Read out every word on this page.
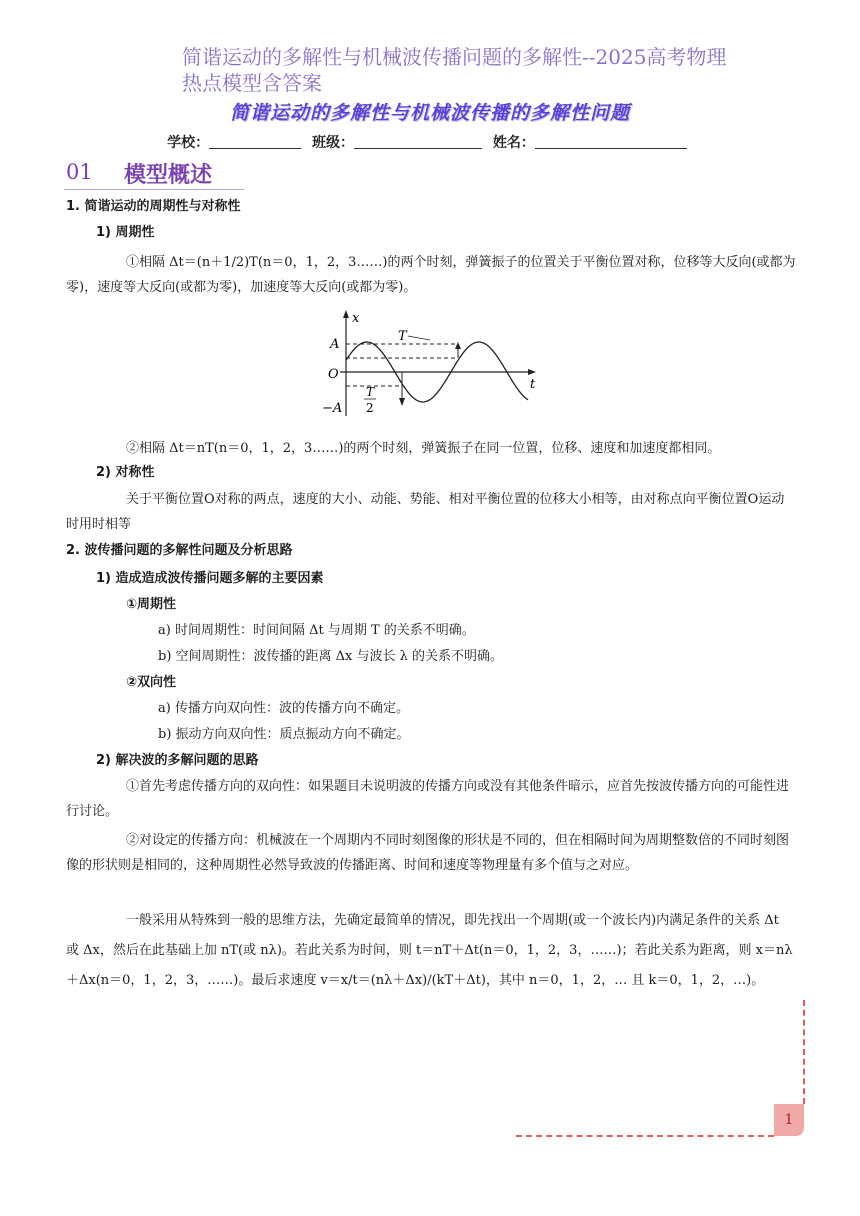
简谐运动的多解性与机械波传播问题的多解性--2025高考物理热点模型含答案
简谐运动的多解性与机械波传播的多解性问题
学校：	班级：	姓名：
01 模型概述
1. 简谐运动的周期性与对称性
1) 周期性
①相隔 Δt＝(n＋1/2)T(n＝0，1，2，3……)的两个时刻，弹簧振子的位置关于平衡位置对称，位移等大反向(或都为零)，速度等大反向(或都为零)，加速度等大反向(或都为零)。
x
t
A
O
−A
T
T
2
②相隔 Δt＝nT(n＝0，1，2，3……)的两个时刻，弹簧振子在同一位置，位移、速度和加速度都相同。
2) 对称性
关于平衡位置O对称的两点，速度的大小、动能、势能、相对平衡位置的位移大小相等，由对称点向平衡位置O运动时用时相等
2. 波传播问题的多解性问题及分析思路
1) 造成造成波传播问题多解的主要因素
①周期性
a) 时间周期性：时间间隔 Δt 与周期 T 的关系不明确。
b) 空间周期性：波传播的距离 Δx 与波长 λ 的关系不明确。
②双向性
a) 传播方向双向性：波的传播方向不确定。
b) 振动方向双向性：质点振动方向不确定。
2) 解决波的多解问题的思路
①首先考虑传播方向的双向性：如果题目未说明波的传播方向或没有其他条件暗示，应首先按波传播方向的可能性进行讨论。
②对设定的传播方向：机械波在一个周期内不同时刻图像的形状是不同的，但在相隔时间为周期整数倍的不同时刻图像的形状则是相同的，这种周期性必然导致波的传播距离、时间和速度等物理量有多个值与之对应。
一般采用从特殊到一般的思维方法，先确定最简单的情况，即先找出一个周期(或一个波长内)内满足条件的关系 Δt 或 Δx，然后在此基础上加 nT(或 nλ)。若此关系为时间，则 t＝nT＋Δt(n＝0，1，2，3，……)；若此关系为距离，则 x＝nλ＋Δx(n＝0，1，2，3，……)。最后求速度 v＝x/t＝(nλ＋Δx)/(kT＋Δt)，其中 n＝0，1，2，… 且 k＝0，1，2，…)。
1
